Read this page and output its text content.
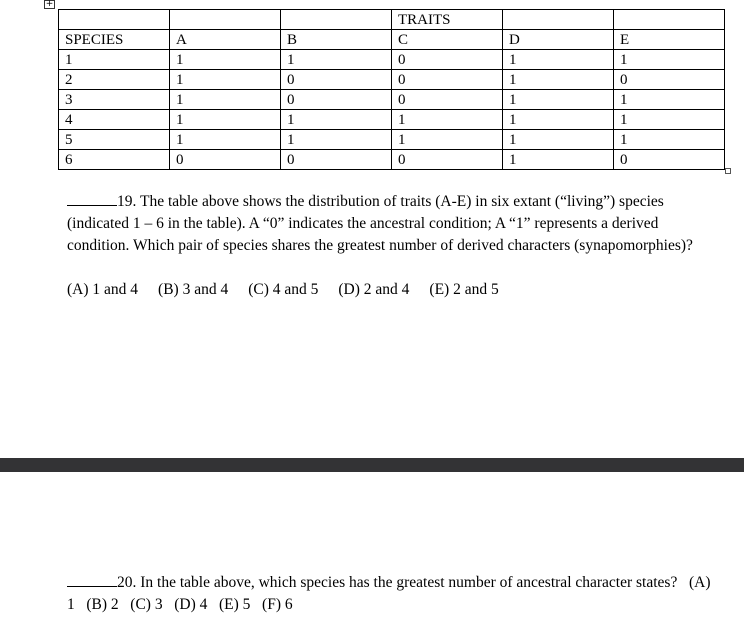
+
			TRAITS		
SPECIES	A	B	C	D	E
1	1	1	0	1	1
2	1	0	0	1	0
3	1	0	0	1	1
4	1	1	1	1	1
5	1	1	1	1	1
6	0	0	0	1	0
19. The table above shows the distribution of traits (A-E) in six extant (“living”) species (indicated 1 – 6 in the table). A “0” indicates the ancestral condition; A “1” represents a derived condition. Which pair of species shares the greatest number of derived characters (synapomorphies)?
(A) 1 and 4 (B) 3 and 4 (C) 4 and 5 (D) 2 and 4 (E) 2 and 5
20. In the table above, which species has the greatest number of ancestral character states? (A) 1 (B) 2 (C) 3 (D) 4 (E) 5 (F) 6
